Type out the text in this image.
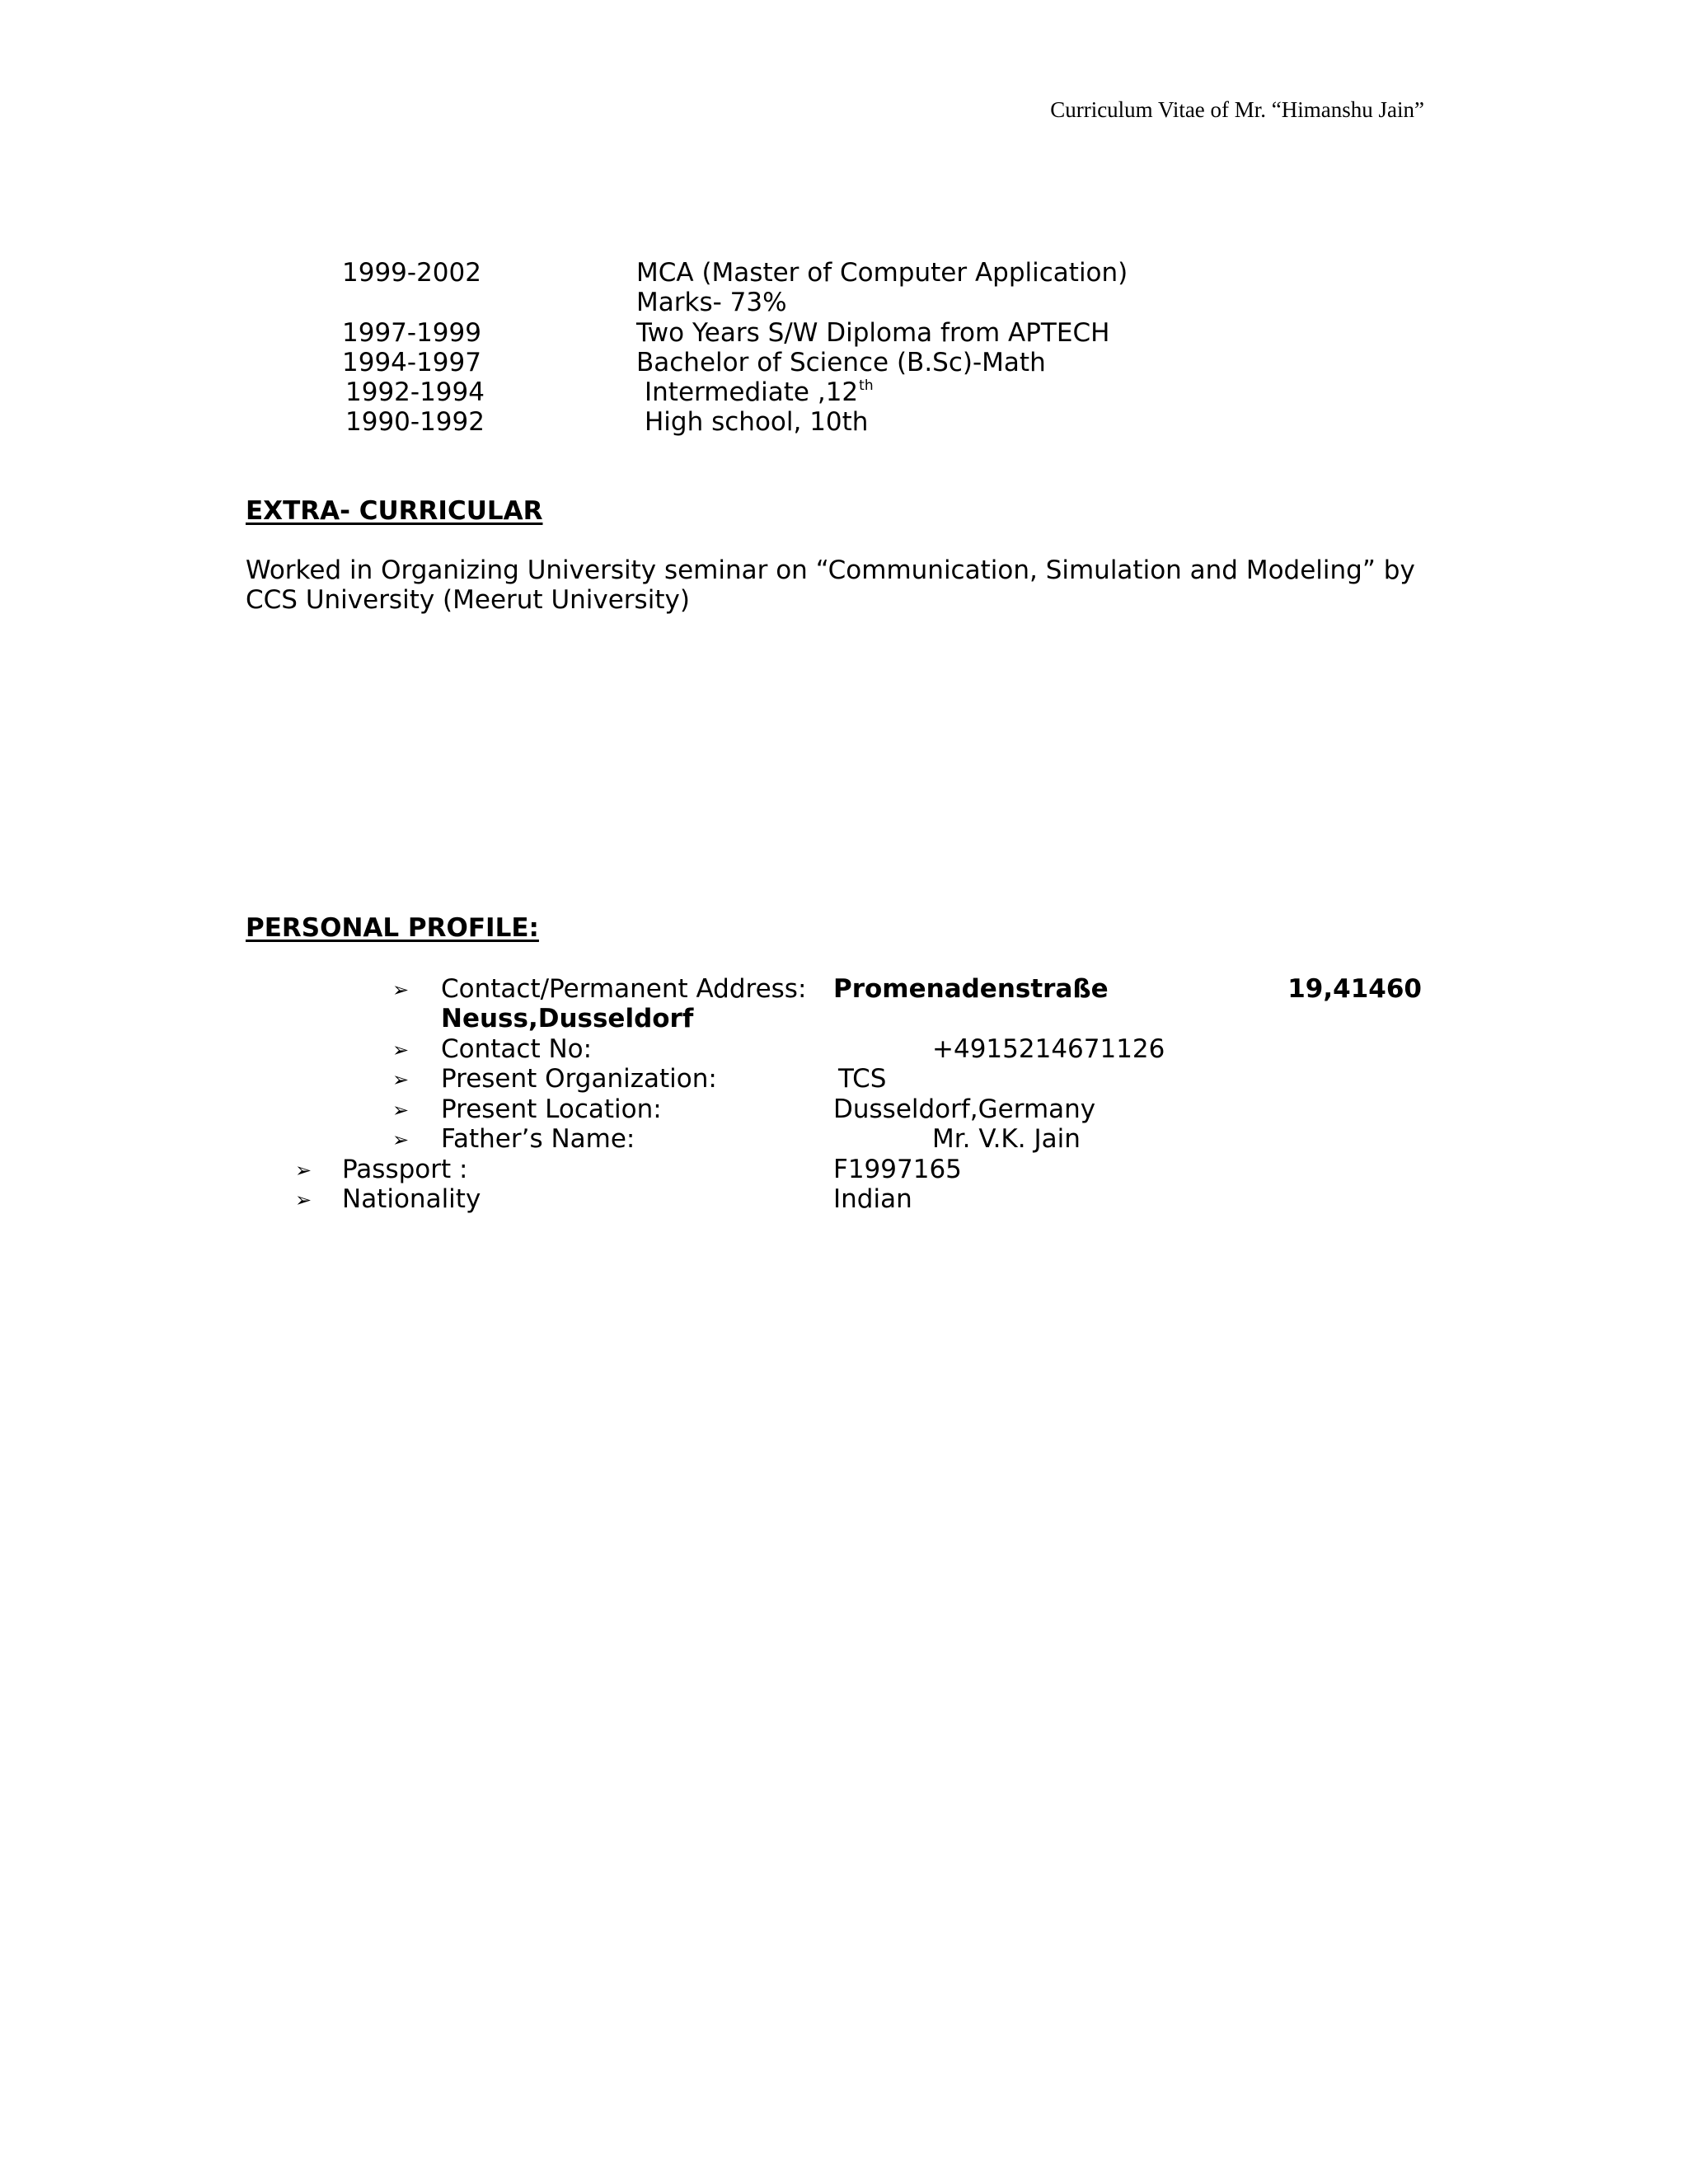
Curriculum Vitae of Mr. “Himanshu Jain”
1999-2002	MCA (Master of Computer Application)
Marks- 73%
1997-1999	Two Years S/W Diploma from APTECH
1994-1997	Bachelor of Science (B.Sc)-Math
1992-1994	Intermediate ,12th
1990-1992	High school, 10th
EXTRA- CURRICULAR
Worked in Organizing University seminar on “Communication, Simulation and Modeling” by
CCS University (Meerut University)
PERSONAL PROFILE:
➢ Contact/Permanent Address: Promenadenstraße	19,41460
Neuss,Dusseldorf
➢ Contact No:	+4915214671126
➢ Present Organization:	TCS
➢ Present Location:	Dusseldorf,Germany
➢ Father’s Name:	Mr. V.K. Jain
➢ Passport :	F1997165
➢ Nationality	Indian
